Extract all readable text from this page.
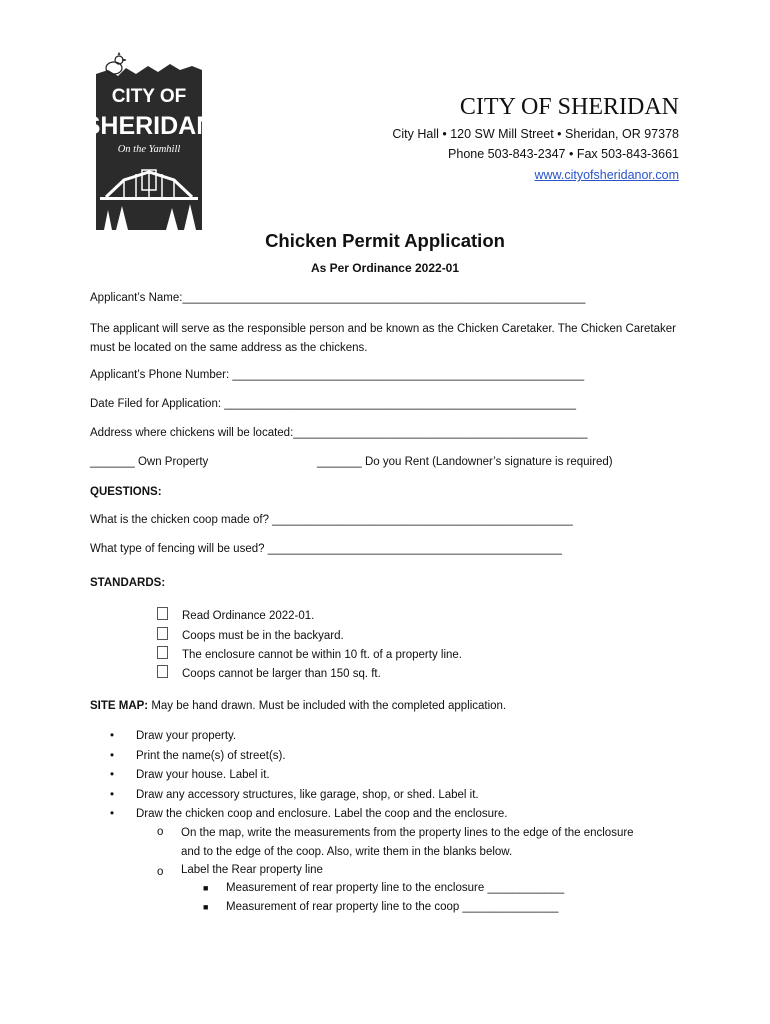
CITY OF
SHERIDAN
On the Yamhill
CITY OF SHERIDAN
City Hall • 120 SW Mill Street • Sheridan, OR 97378
Phone 503-843-2347 • Fax 503-843-3661
www.cityofsheridanor.com
Chicken Permit Application
As Per Ordinance 2022-01
Applicant’s Name:_______________________________________________________________
The applicant will serve as the responsible person and be known as the Chicken Caretaker. The Chicken Caretaker must be located on the same address as the chickens.
Applicant’s Phone Number: _______________________________________________________
Date Filed for Application: _______________________________________________________
Address where chickens will be located:______________________________________________
_______ Own Property	_______ Do you Rent (Landowner’s signature is required)
QUESTIONS:
What is the chicken coop made of? _______________________________________________
What type of fencing will be used? ______________________________________________
STANDARDS:
Read Ordinance 2022-01.
Coops must be in the backyard.
The enclosure cannot be within 10 ft. of a property line.
Coops cannot be larger than 150 sq. ft.
SITE MAP: May be hand drawn. Must be included with the completed application.
• Draw your property.
• Print the name(s) of street(s).
• Draw your house. Label it.
• Draw any accessory structures, like garage, shop, or shed. Label it.
• Draw the chicken coop and enclosure. Label the coop and the enclosure.
o On the map, write the measurements from the property lines to the edge of the enclosure and to the edge of the coop. Also, write them in the blanks below.
o Label the Rear property line
■ Measurement of rear property line to the enclosure ____________
■ Measurement of rear property line to the coop _______________
